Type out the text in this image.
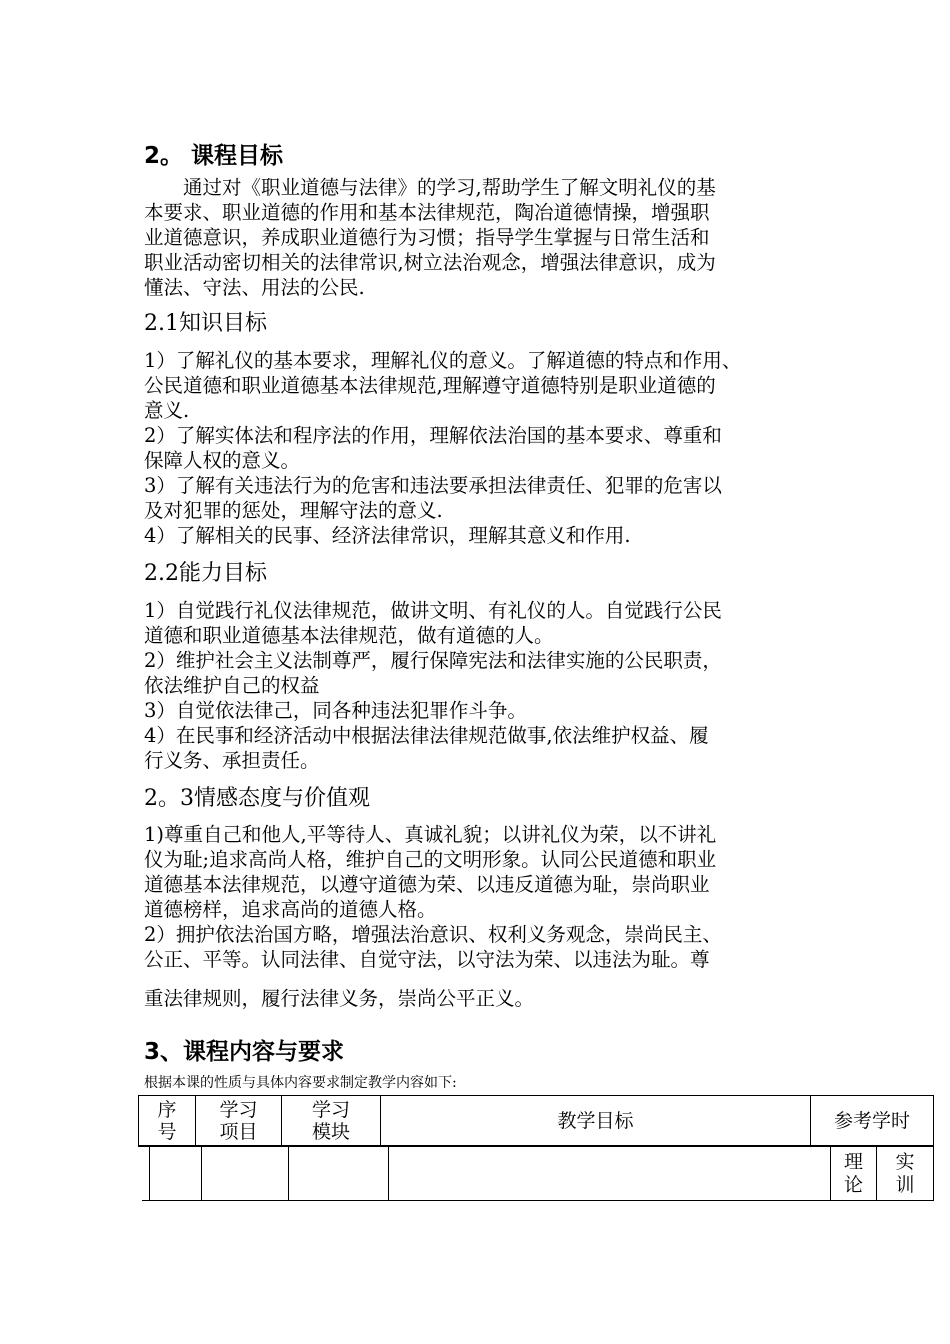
2。 课程目标
　　通过对《职业道德与法律》的学习,帮助学生了解文明礼仪的基
本要求、职业道德的作用和基本法律规范，陶冶道德情操，增强职
业道德意识，养成职业道德行为习惯；指导学生掌握与日常生活和
职业活动密切相关的法律常识,树立法治观念，增强法律意识，成为
懂法、守法、用法的公民.
2.1知识目标
1）了解礼仪的基本要求，理解礼仪的意义。了解道德的特点和作用、
公民道德和职业道德基本法律规范,理解遵守道德特别是职业道德的
意义.
2）了解实体法和程序法的作用，理解依法治国的基本要求、尊重和
保障人权的意义。
3）了解有关违法行为的危害和违法要承担法律责任、犯罪的危害以
及对犯罪的惩处，理解守法的意义.
4）了解相关的民事、经济法律常识，理解其意义和作用.
2.2能力目标
1）自觉践行礼仪法律规范，做讲文明、有礼仪的人。自觉践行公民
道德和职业道德基本法律规范，做有道德的人。
2）维护社会主义法制尊严，履行保障宪法和法律实施的公民职责，
依法维护自己的权益
3）自觉依法律己，同各种违法犯罪作斗争。
4）在民事和经济活动中根据法律法律规范做事,依法维护权益、履
行义务、承担责任。
2。3情感态度与价值观
1)尊重自己和他人,平等待人、真诚礼貌；以讲礼仪为荣，以不讲礼
仪为耻;追求高尚人格，维护自己的文明形象。认同公民道德和职业
道德基本法律规范，以遵守道德为荣、以违反道德为耻，崇尚职业
道德榜样，追求高尚的道德人格。
2）拥护依法治国方略，增强法治意识、权利义务观念，崇尚民主、
公正、平等。认同法律、自觉守法，以守法为荣、以违法为耻。尊
重法律规则，履行法律义务，崇尚公平正义。
3、课程内容与要求
根据本课的性质与具体内容要求制定教学内容如下:
序
号
学习
项目
学习
模块	教学目标	参考学时
理
论
实
训
